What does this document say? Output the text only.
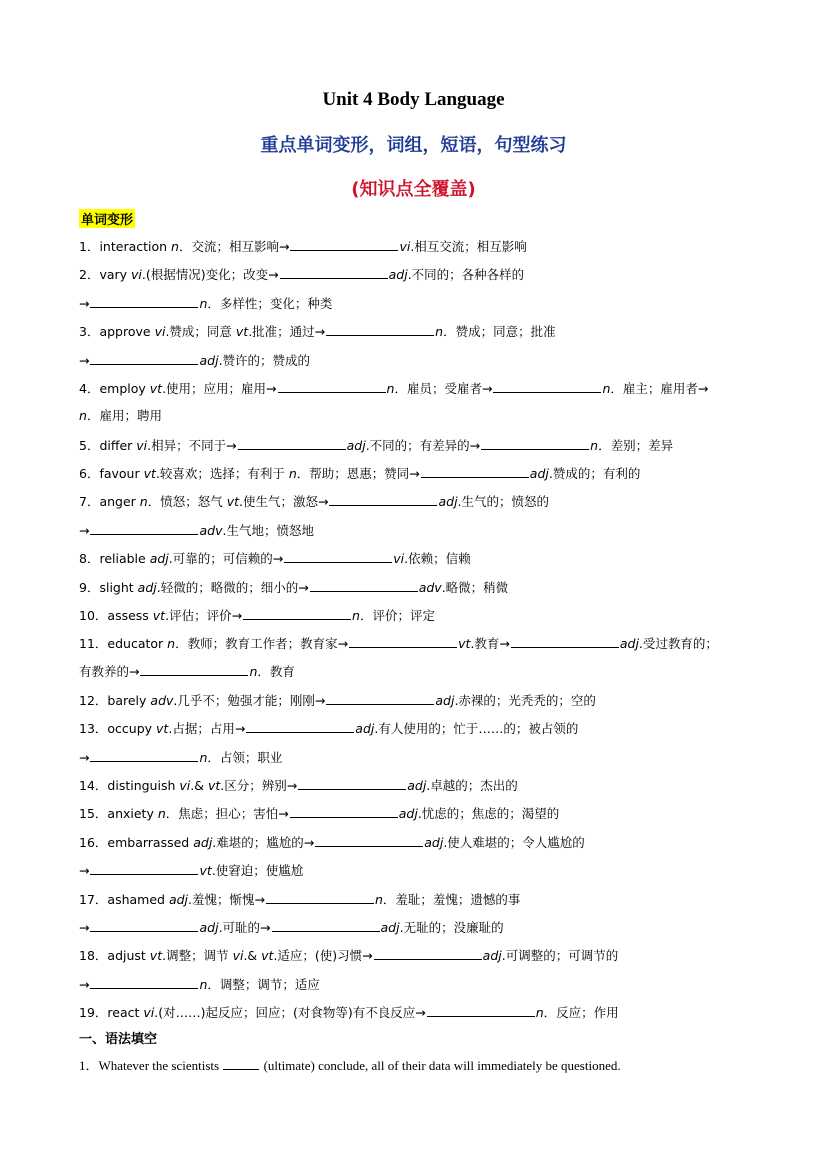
Unit 4 Body Language
重点单词变形，词组，短语，句型练习
(知识点全覆盖)
单词变形
1．interaction n．交流；相互影响→	vi.相互交流；相互影响
2．vary vi.(根据情况)变化；改变→	adj.不同的；各种各样的
→	n．多样性；变化；种类
3．approve vi.赞成；同意 vt.批准；通过→	n．赞成；同意；批准
→	adj.赞许的；赞成的
4．employ vt.使用；应用；雇用→	n．雇员；受雇者→	n．雇主；雇用者→
n．雇用；聘用
5．differ vi.相异；不同于→	adj.不同的；有差异的→	n．差别；差异
6．favour vt.较喜欢；选择；有利于 n．帮助；恩惠；赞同→	adj.赞成的；有利的
7．anger n．愤怒；怒气 vt.使生气；激怒→	adj.生气的；愤怒的
→	adv.生气地；愤怒地
8．reliable adj.可靠的；可信赖的→	vi.依赖；信赖
9．slight adj.轻微的；略微的；细小的→	adv.略微；稍微
10．assess vt.评估；评价→	n．评价；评定
11．educator n．教师；教育工作者；教育家→	vt.教育→	adj.受过教育的；
有教养的→	n．教育
12．barely adv.几乎不；勉强才能；刚刚→	adj.赤裸的；光秃秃的；空的
13．occupy vt.占据；占用→	adj.有人使用的；忙于……的；被占领的
→	n．占领；职业
14．distinguish vi.& vt.区分；辨别→	adj.卓越的；杰出的
15．anxiety n．焦虑；担心；害怕→	adj.忧虑的；焦虑的；渴望的
16．embarrassed adj.难堪的；尴尬的→	adj.使人难堪的；令人尴尬的
→	vt.使窘迫；使尴尬
17．ashamed adj.羞愧；惭愧→	n．羞耻；羞愧；遗憾的事
→	adj.可耻的→	adj.无耻的；没廉耻的
18．adjust vt.调整；调节 vi.& vt.适应；(使)习惯→	adj.可调整的；可调节的
→	n．调整；调节；适应
19．react vi.(对……)起反应；回应；(对食物等)有不良反应→	n．反应；作用
一、语法填空
1．Whatever the scientists	(ultimate) conclude, all of their data will immediately be questioned.
